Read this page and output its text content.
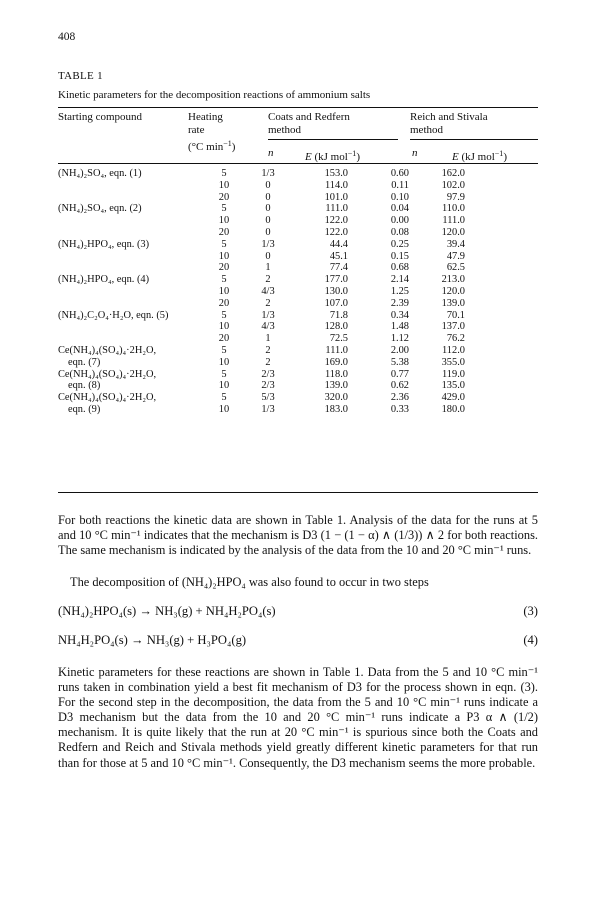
408
TABLE 1
Kinetic parameters for the decomposition reactions of ammonium salts
Starting compound	Heating
rate
(°C $\min^{-1}$)
Coats and Redfern
method
Reich and Stivala
method
n	E (kJ mol$^{-1}$)	n	E (kJ mol$^{-1}$)
(NH₄)₂SO₄, eqn. (1)	5	1/3	153.0	0.60	162.0
	10	0	114.0	0.11	102.0
	20	0	101.0	0.10	97.9
(NH₄)₂SO₄, eqn. (2)	5	0	111.0	0.04	110.0
	10	0	122.0	0.00	111.0
	20	0	122.0	0.08	120.0
(NH₄)₂HPO₄, eqn. (3)	5	1/3	44.4	0.25	39.4
	10	0	45.1	0.15	47.9
	20	1	77.4	0.68	62.5
(NH₄)₂HPO₄, eqn. (4)	5	2	177.0	2.14	213.0
	10	4/3	130.0	1.25	120.0
	20	2	107.0	2.39	139.0
(NH₄)₂C₂O₄·H₂O, eqn. (5)	5	1/3	71.8	0.34	70.1
	10	4/3	128.0	1.48	137.0
	20	1	72.5	1.12	76.2
Ce(NH₄)₄(SO₄)₄·2H₂O,	5	2	111.0	2.00	112.0
eqn. (7)	10	2	169.0	5.38	355.0
Ce(NH₄)₄(SO₄)₄·2H₂O,	5	2/3	118.0	0.77	119.0
eqn. (8)	10	2/3	139.0	0.62	135.0
Ce(NH₄)₄(SO₄)₄·2H₂O,	5	5/3	320.0	2.36	429.0
eqn. (9)	10	1/3	183.0	0.33	180.0
For both reactions the kinetic data are shown in Table 1. Analysis of the data for the runs at 5 and 10 °C min⁻¹ indicates that the mechanism is D3 (1 − (1 − α) ∧ (1/3)) ∧ 2 for both reactions. The same mechanism is indicated by the analysis of the data from the 10 and 20 °C min⁻¹ runs.
The decomposition of (NH₄)₂HPO₄ was also found to occur in two steps
(NH₄)₂HPO₄(s) → NH₃(g) + NH₄H₂PO₄(s)	(3)
NH₄H₂PO₄(s) → NH₃(g) + H₃PO₄(g)	(4)
Kinetic parameters for these reactions are shown in Table 1. Data from the 5 and 10 °C min⁻¹ runs taken in combination yield a best fit mechanism of D3 for the process shown in eqn. (3). For the second step in the decomposition, the data from the 5 and 10 °C min⁻¹ runs indicate a D3 mechanism but the data from the 10 and 20 °C min⁻¹ runs indicate a P3 α ∧ (1/2) mechanism. It is quite likely that the run at 20 °C min⁻¹ is spurious since both the Coats and Redfern and Reich and Stivala methods yield greatly different kinetic parameters for that run than for those at 5 and 10 °C min⁻¹. Consequently, the D3 mechanism seems the more probable.
